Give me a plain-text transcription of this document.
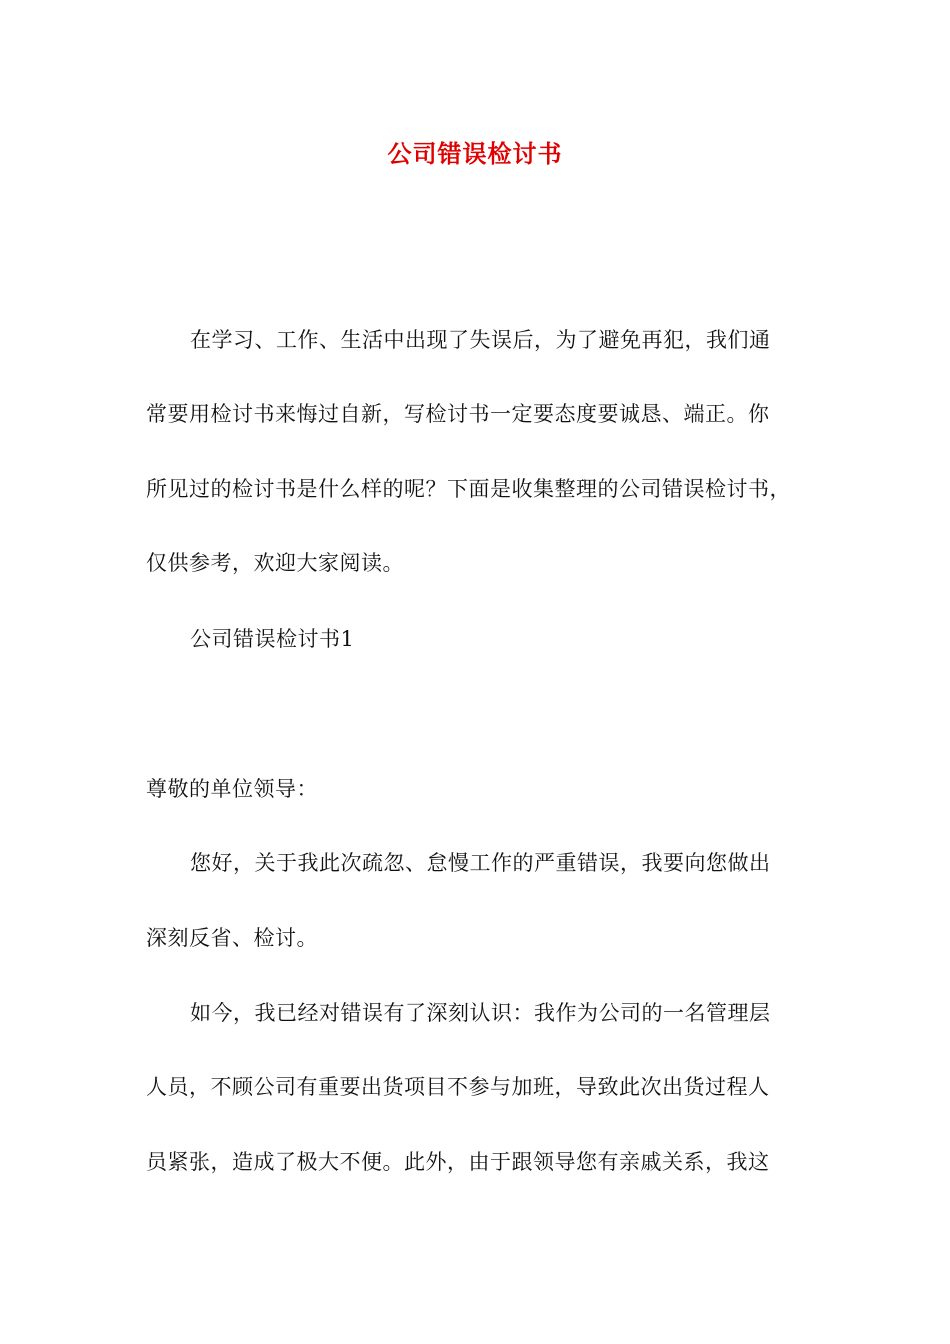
公司错误检讨书
在学习、工作、生活中出现了失误后，为了避免再犯，我们通
常要用检讨书来悔过自新，写检讨书一定要态度要诚恳、端正。你
所见过的检讨书是什么样的呢？下面是收集整理的公司错误检讨书，
仅供参考，欢迎大家阅读。
公司错误检讨书1
尊敬的单位领导：
您好，关于我此次疏忽、怠慢工作的严重错误，我要向您做出
深刻反省、检讨。
如今，我已经对错误有了深刻认识：我作为公司的一名管理层
人员，不顾公司有重要出货项目不参与加班，导致此次出货过程人
员紧张，造成了极大不便。此外，由于跟领导您有亲戚关系，我这
